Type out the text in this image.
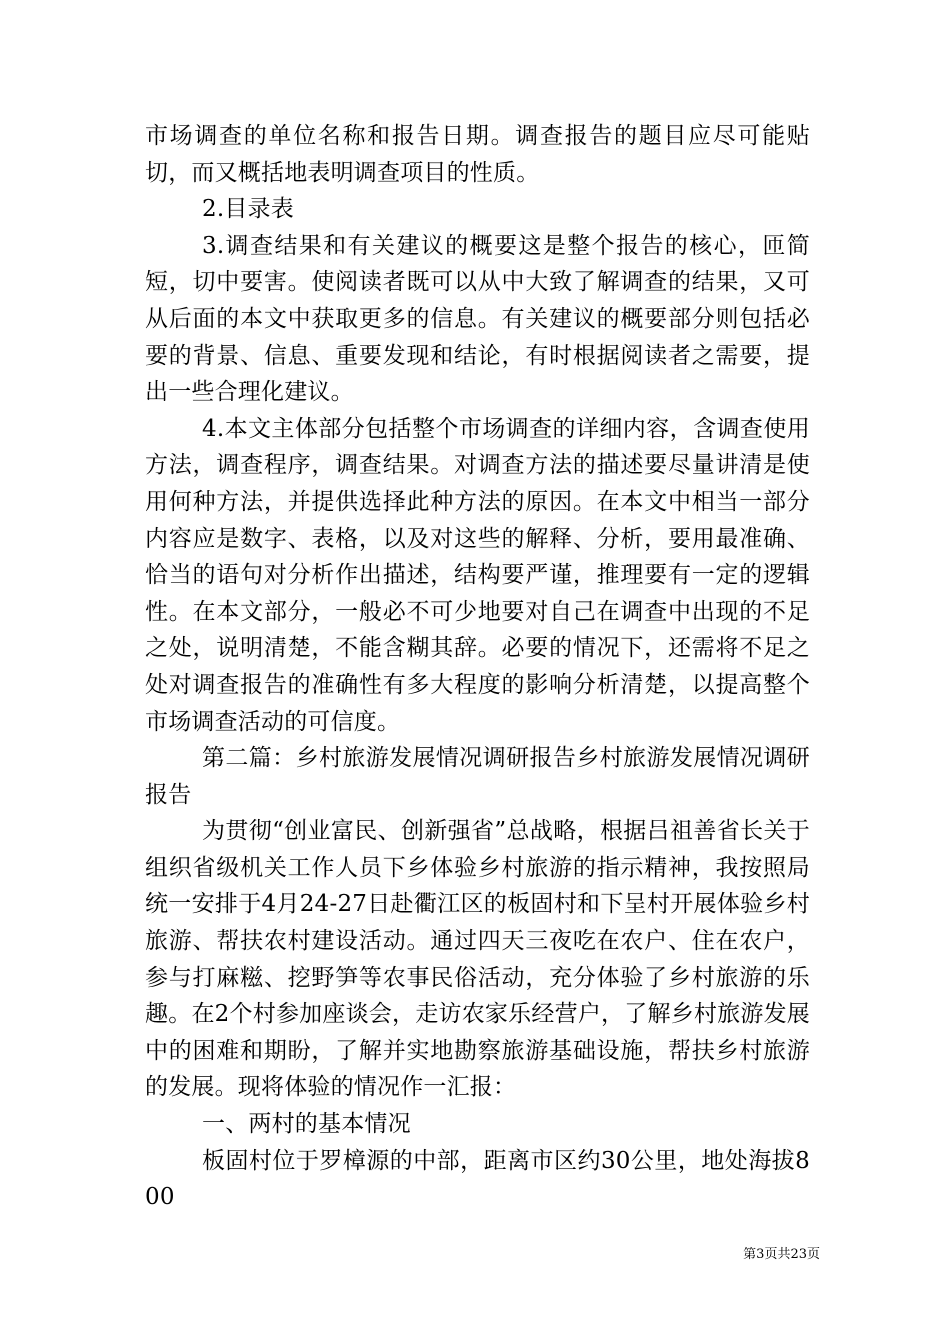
市场调查的单位名称和报告日期。调查报告的题目应尽可能贴切，而又概括地表明调查项目的性质。

2.目录表

3.调查结果和有关建议的概要这是整个报告的核心，匝简短，切中要害。使阅读者既可以从中大致了解调查的结果，又可从后面的本文中获取更多的信息。有关建议的概要部分则包括必要的背景、信息、重要发现和结论，有时根据阅读者之需要，提出一些合理化建议。

4.本文主体部分包括整个市场调查的详细内容，含调查使用方法，调查程序，调查结果。对调查方法的描述要尽量讲清是使用何种方法，并提供选择此种方法的原因。在本文中相当一部分内容应是数字、表格，以及对这些的解释、分析，要用最准确、恰当的语句对分析作出描述，结构要严谨，推理要有一定的逻辑性。在本文部分，一般必不可少地要对自己在调查中出现的不足之处，说明清楚，不能含糊其辞。必要的情况下，还需将不足之处对调查报告的准确性有多大程度的影响分析清楚，以提高整个市场调查活动的可信度。

第二篇：乡村旅游发展情况调研报告乡村旅游发展情况调研报告

为贯彻“创业富民、创新强省”总战略，根据吕祖善省长关于组织省级机关工作人员下乡体验乡村旅游的指示精神，我按照局统一安排于4月24-27日赴衢江区的板固村和下呈村开展体验乡村旅游、帮扶农村建设活动。通过四天三夜吃在农户、住在农户，参与打麻糍、挖野笋等农事民俗活动，充分体验了乡村旅游的乐趣。在2个村参加座谈会，走访农家乐经营户，了解乡村旅游发展中的困难和期盼，了解并实地勘察旅游基础设施，帮扶乡村旅游的发展。现将体验的情况作一汇报：

一、两村的基本情况

板固村位于罗樟源的中部，距离市区约30公里，地处海拔800

第3页共23页
